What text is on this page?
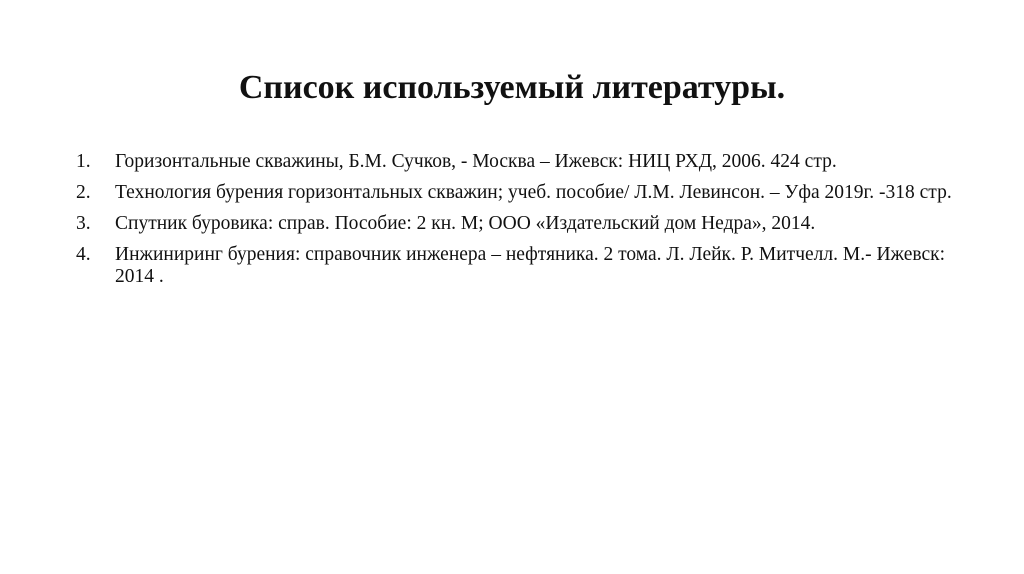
Список используемый литературы.
1.	Горизонтальные скважины, Б.М. Сучков, - Москва – Ижевск: НИЦ РХД, 2006. 424 стр.
2.	Технология бурения горизонтальных скважин; учеб. пособие/ Л.М. Левинсон. – Уфа 2019г. -318 стр.
3.	Спутник буровика: справ. Пособие: 2 кн. М; ООО «Издательский дом Недра», 2014.
4.	Инжиниринг бурения: справочник инженера – нефтяника. 2 тома. Л. Лейк. Р. Митчелл. М.- Ижевск: 2014 .
